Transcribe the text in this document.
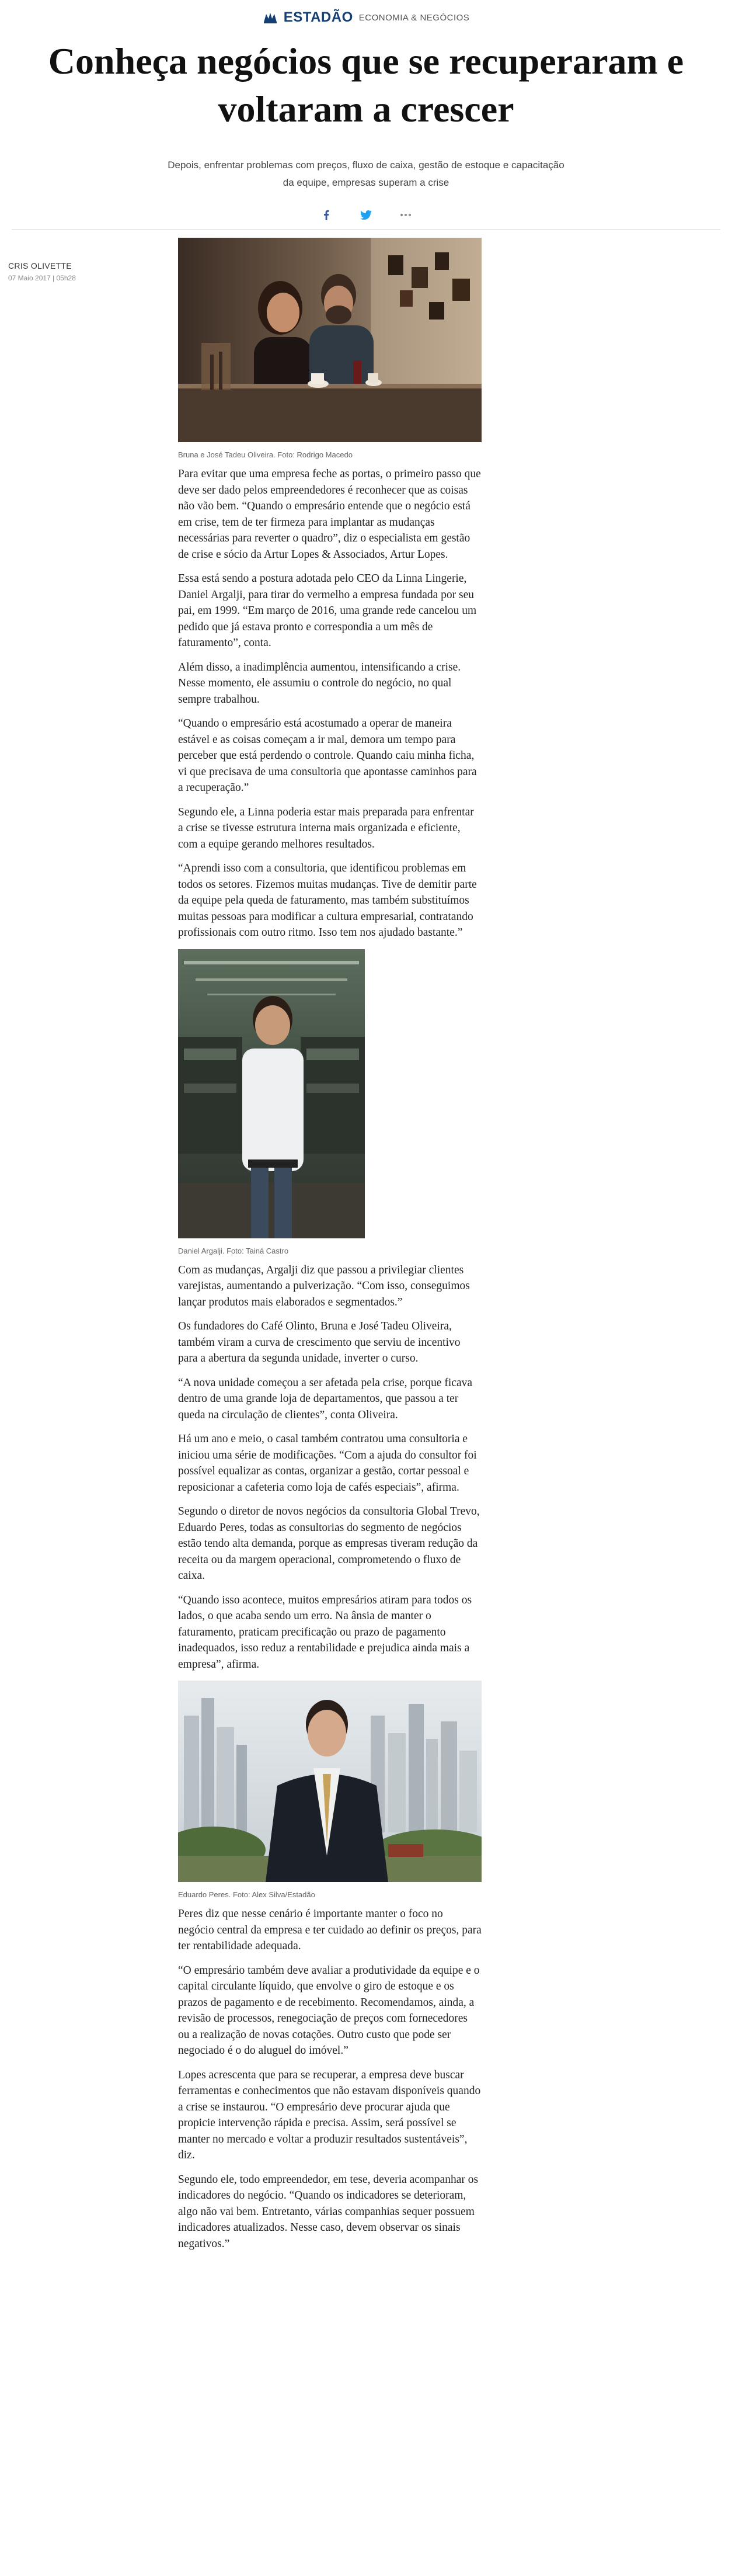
ESTADÃO ECONOMIA & NEGÓCIOS
Conheça negócios que se recuperaram e voltaram a crescer
Depois, enfrentar problemas com preços, fluxo de caixa, gestão de estoque e capacitação da equipe, empresas superam a crise
CRIS OLIVETTE
07 Maio 2017 | 05h28
Bruna e José Tadeu Oliveira. Foto: Rodrigo Macedo

Para evitar que uma empresa feche as portas, o primeiro passo que deve ser dado pelos empreendedores é reconhecer que as coisas não vão bem. “Quando o empresário entende que o negócio está em crise, tem de ter firmeza para implantar as mudanças necessárias para reverter o quadro”, diz o especialista em gestão de crise e sócio da Artur Lopes & Associados, Artur Lopes.

Essa está sendo a postura adotada pelo CEO da Linna Lingerie, Daniel Argalji, para tirar do vermelho a empresa fundada por seu pai, em 1999. “Em março de 2016, uma grande rede cancelou um pedido que já estava pronto e correspondia a um mês de faturamento”, conta.

Além disso, a inadimplência aumentou, intensificando a crise. Nesse momento, ele assumiu o controle do negócio, no qual sempre trabalhou.

“Quando o empresário está acostumado a operar de maneira estável e as coisas começam a ir mal, demora um tempo para perceber que está perdendo o controle. Quando caiu minha ficha, vi que precisava de uma consultoria que apontasse caminhos para a recuperação.”

Segundo ele, a Linna poderia estar mais preparada para enfrentar a crise se tivesse estrutura interna mais organizada e eficiente, com a equipe gerando melhores resultados.

“Aprendi isso com a consultoria, que identificou problemas em todos os setores. Fizemos muitas mudanças. Tive de demitir parte da equipe pela queda de faturamento, mas também substituímos muitas pessoas para modificar a cultura empresarial, contratando profissionais com outro ritmo. Isso tem nos ajudado bastante.”

Daniel Argalji. Foto: Tainá Castro

Com as mudanças, Argalji diz que passou a privilegiar clientes varejistas, aumentando a pulverização. “Com isso, conseguimos lançar produtos mais elaborados e segmentados.”

Os fundadores do Café Olinto, Bruna e José Tadeu Oliveira, também viram a curva de crescimento que serviu de incentivo para a abertura da segunda unidade, inverter o curso.

“A nova unidade começou a ser afetada pela crise, porque ficava dentro de uma grande loja de departamentos, que passou a ter queda na circulação de clientes”, conta Oliveira.

Há um ano e meio, o casal também contratou uma consultoria e iniciou uma série de modificações. “Com a ajuda do consultor foi possível equalizar as contas, organizar a gestão, cortar pessoal e reposicionar a cafeteria como loja de cafés especiais”, afirma.

Segundo o diretor de novos negócios da consultoria Global Trevo, Eduardo Peres, todas as consultorias do segmento de negócios estão tendo alta demanda, porque as empresas tiveram redução da receita ou da margem operacional, comprometendo o fluxo de caixa.

“Quando isso acontece, muitos empresários atiram para todos os lados, o que acaba sendo um erro. Na ânsia de manter o faturamento, praticam precificação ou prazo de pagamento inadequados, isso reduz a rentabilidade e prejudica ainda mais a empresa”, afirma.

Eduardo Peres. Foto: Alex Silva/Estadão

Peres diz que nesse cenário é importante manter o foco no negócio central da empresa e ter cuidado ao definir os preços, para ter rentabilidade adequada.

“O empresário também deve avaliar a produtividade da equipe e o capital circulante líquido, que envolve o giro de estoque e os prazos de pagamento e de recebimento. Recomendamos, ainda, a revisão de processos, renegociação de preços com fornecedores ou a realização de novas cotações. Outro custo que pode ser negociado é o do aluguel do imóvel.”

Lopes acrescenta que para se recuperar, a empresa deve buscar ferramentas e conhecimentos que não estavam disponíveis quando a crise se instaurou. “O empresário deve procurar ajuda que propicie intervenção rápida e precisa. Assim, será possível se manter no mercado e voltar a produzir resultados sustentáveis”, diz.

Segundo ele, todo empreendedor, em tese, deveria acompanhar os indicadores do negócio. “Quando os indicadores se deterioram, algo não vai bem. Entretanto, várias companhias sequer possuem indicadores atualizados. Nesse caso, devem observar os sinais negativos.”
